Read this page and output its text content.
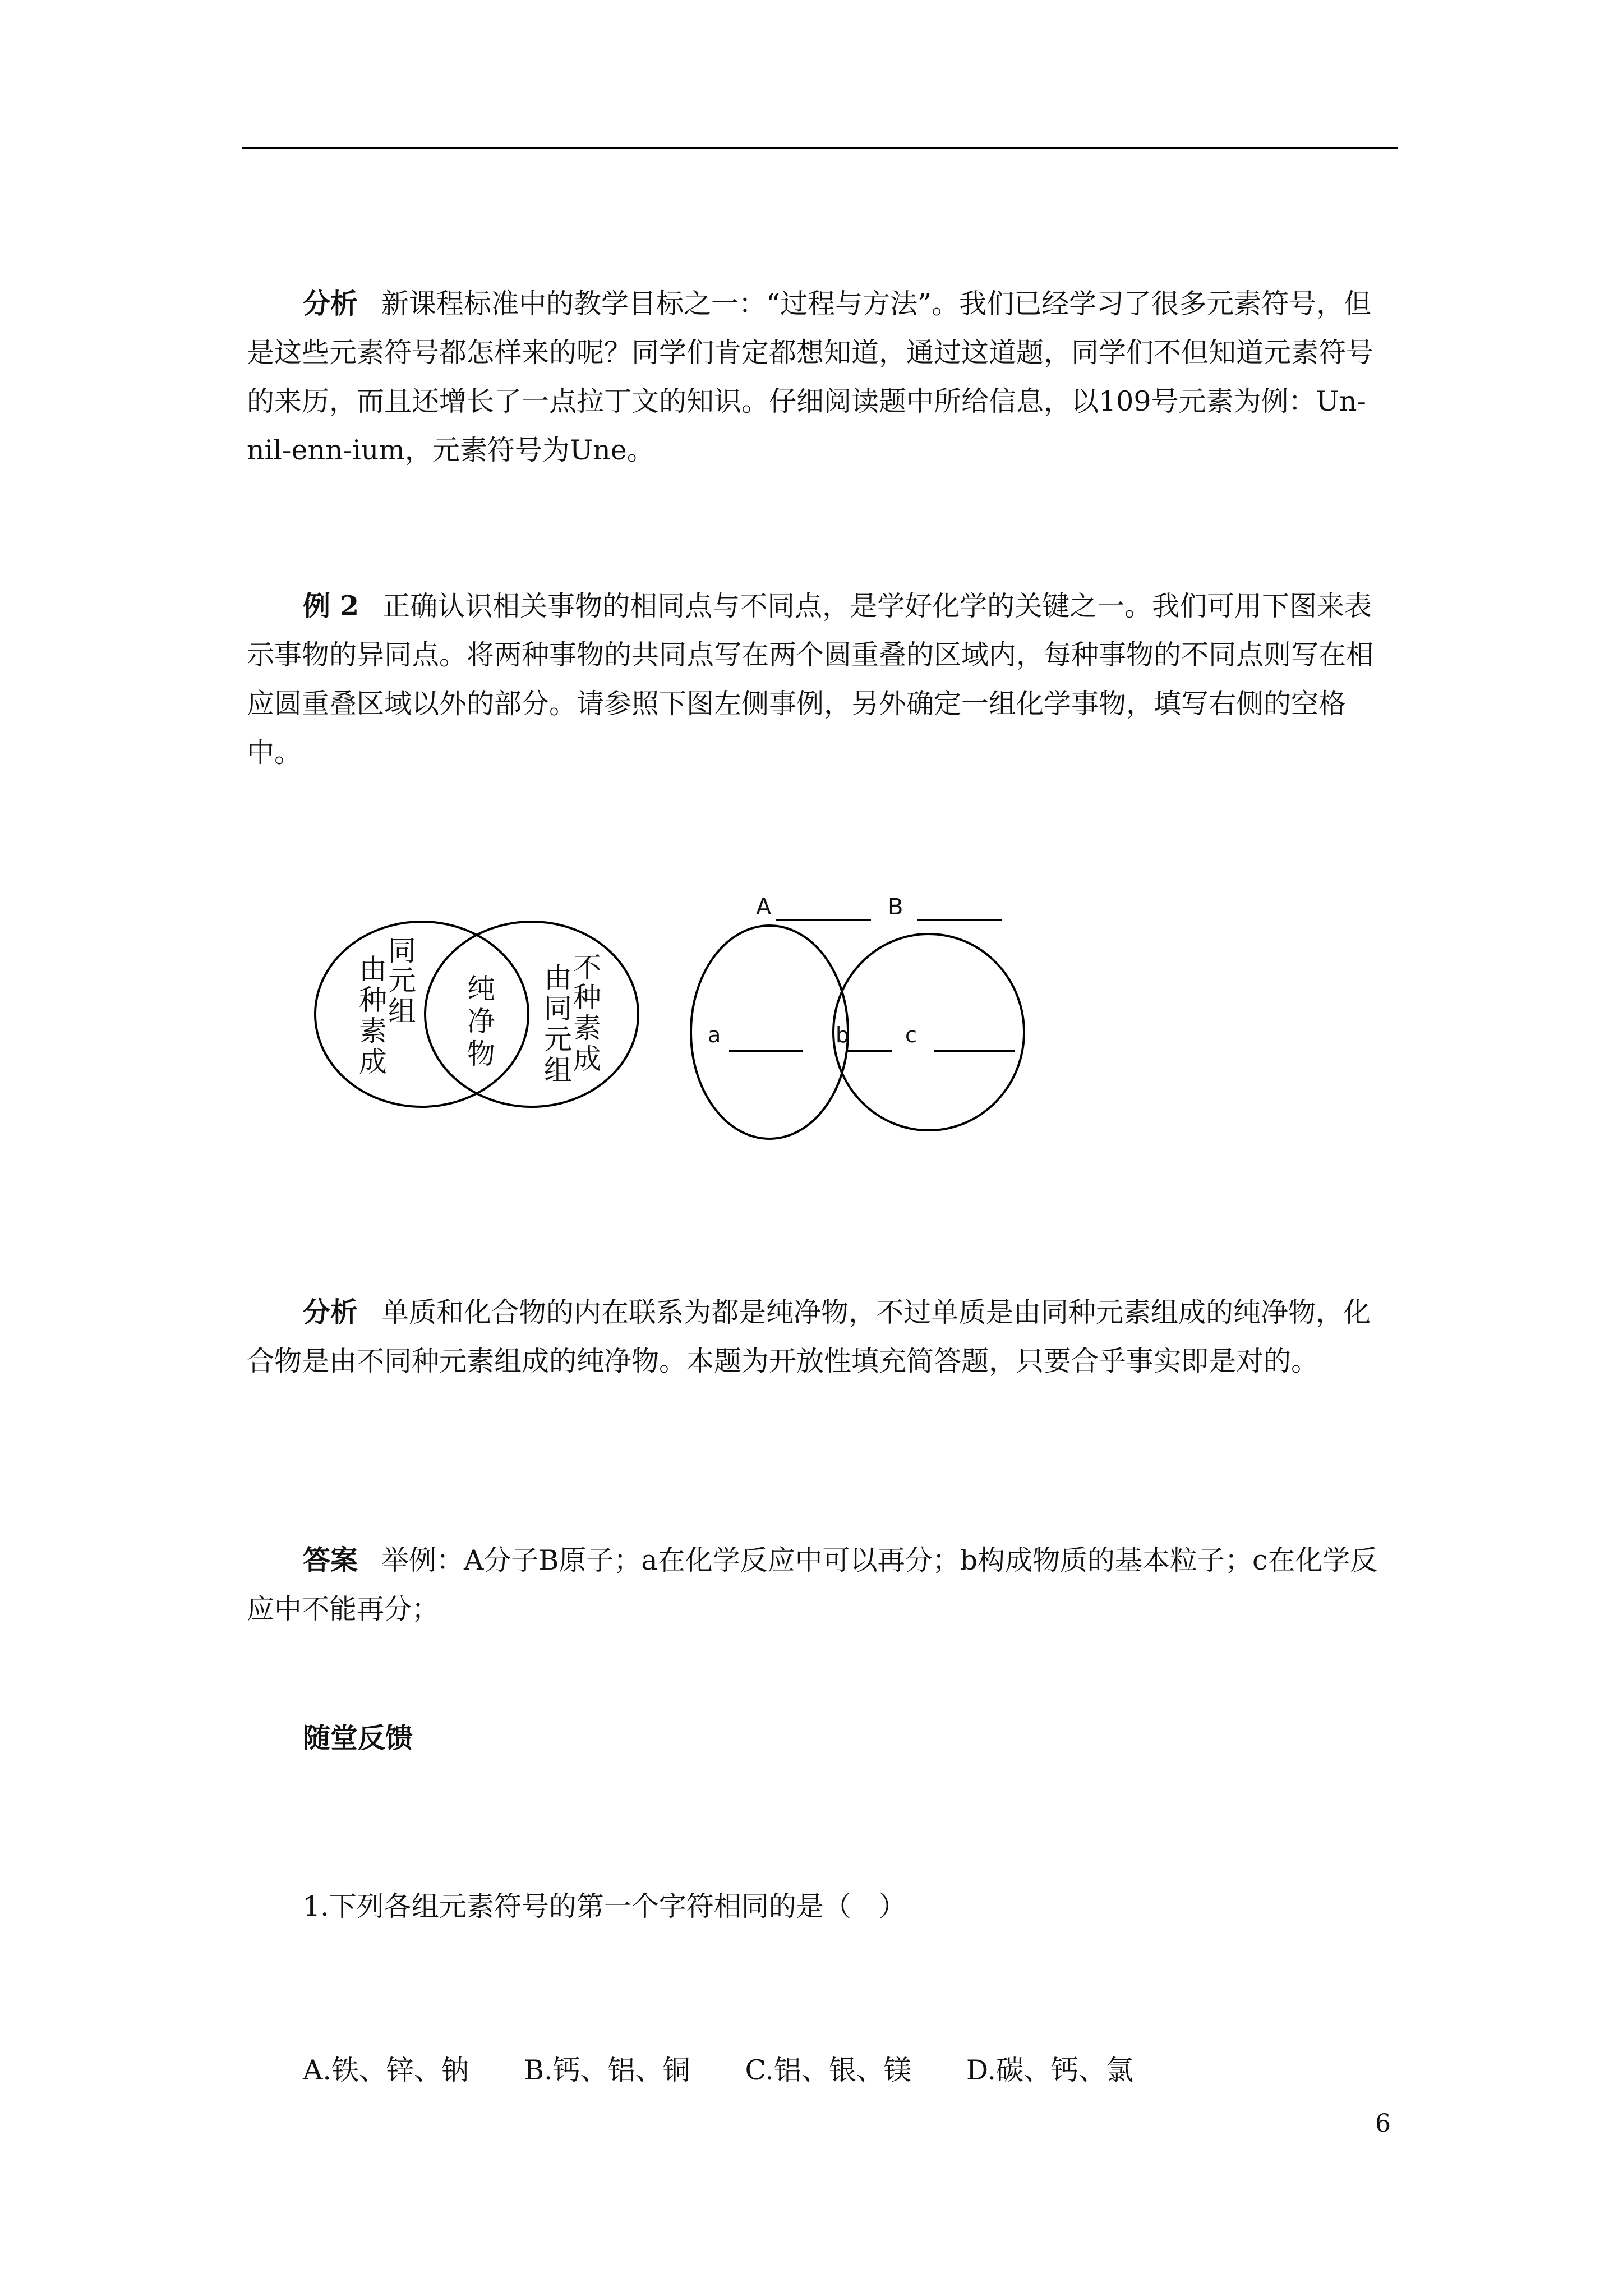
分析 新课程标准中的教学目标之一：“过程与方法”。我们已经学习了很多元素符号，但是这些元素符号都怎样来的呢？同学们肯定都想知道，通过这道题，同学们不但知道元素符号的来历，而且还增长了一点拉丁文的知识。仔细阅读题中所给信息，以109号元素为例：Un-nil-enn-ium，元素符号为Une。

例 2 正确认识相关事物的相同点与不同点，是学好化学的关键之一。我们可用下图来表示事物的异同点。将两种事物的共同点写在两个圆重叠的区域内，每种事物的不同点则写在相应圆重叠区域以外的部分。请参照下图左侧事例，另外确定一组化学事物，填写右侧的空格中。

由
同
种
元
素
组
成
纯
净
物
由 不
同 种
元 素
组 成
A	B
a	b	c

分析 单质和化合物的内在联系为都是纯净物，不过单质是由同种元素组成的纯净物，化合物是由不同种元素组成的纯净物。本题为开放性填充简答题，只要合乎事实即是对的。

答案 举例：A分子B原子；a在化学反应中可以再分；b构成物质的基本粒子；c在化学反应中不能再分；

随堂反馈
1.下列各组元素符号的第一个字符相同的是（　）
A.铁、锌、钠　　B.钙、铝、铜　　C.铝、银、镁　　D.碳、钙、氯
6
